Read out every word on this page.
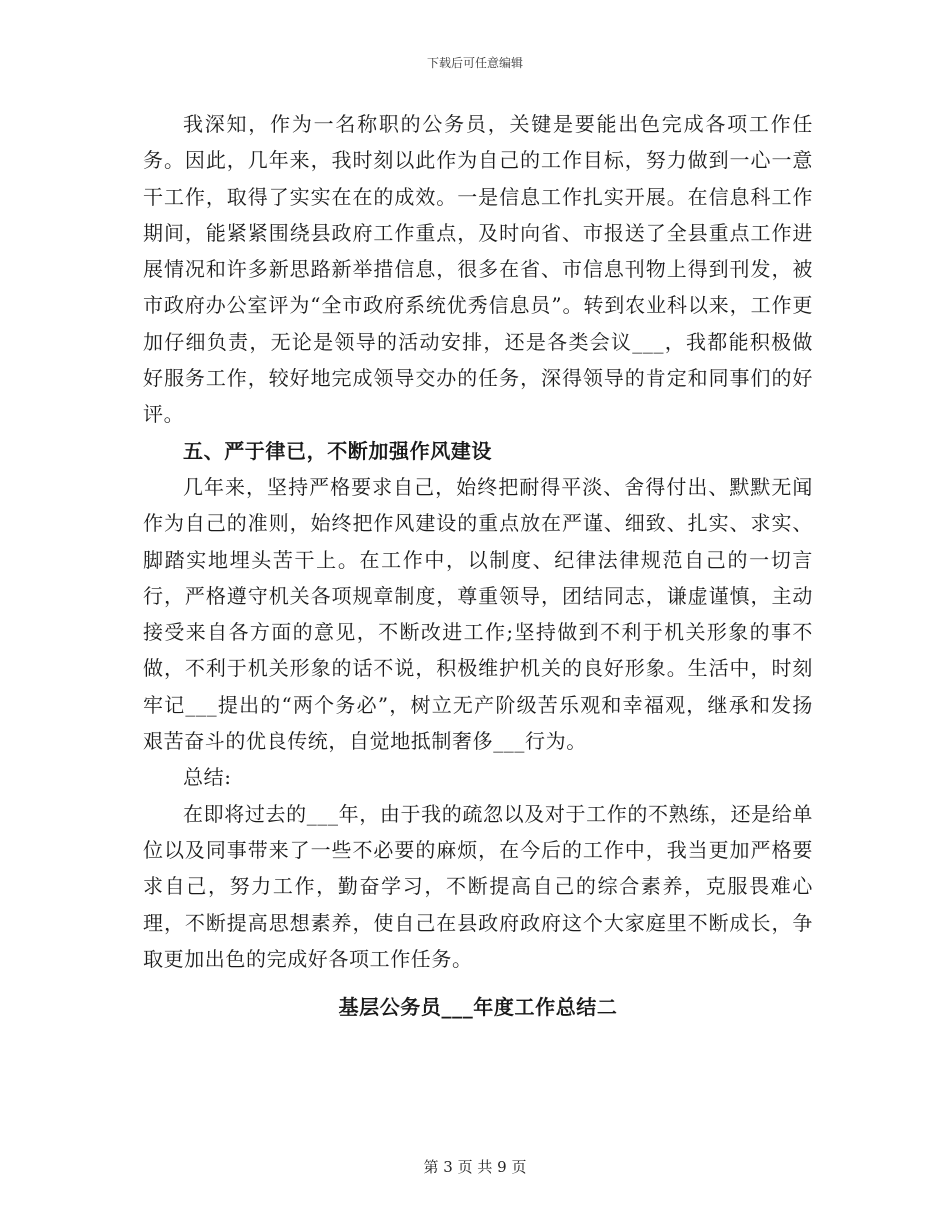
下载后可任意编辑

我深知，作为一名称职的公务员，关键是要能出色完成各项工作任务。因此，几年来，我时刻以此作为自己的工作目标，努力做到一心一意干工作，取得了实实在在的成效。一是信息工作扎实开展。在信息科工作期间，能紧紧围绕县政府工作重点，及时向省、市报送了全县重点工作进展情况和许多新思路新举措信息，很多在省、市信息刊物上得到刊发，被市政府办公室评为“全市政府系统优秀信息员”。转到农业科以来，工作更加仔细负责，无论是领导的活动安排，还是各类会议___，我都能积极做好服务工作，较好地完成领导交办的任务，深得领导的肯定和同事们的好评。

五、严于律已，不断加强作风建设

几年来，坚持严格要求自己，始终把耐得平淡、舍得付出、默默无闻作为自己的准则，始终把作风建设的重点放在严谨、细致、扎实、求实、脚踏实地埋头苦干上。在工作中，以制度、纪律法律规范自己的一切言行，严格遵守机关各项规章制度，尊重领导，团结同志，谦虚谨慎，主动接受来自各方面的意见，不断改进工作;坚持做到不利于机关形象的事不做，不利于机关形象的话不说，积极维护机关的良好形象。生活中，时刻牢记___提出的“两个务必”，树立无产阶级苦乐观和幸福观，继承和发扬艰苦奋斗的优良传统，自觉地抵制奢侈___行为。

总结:

在即将过去的___年，由于我的疏忽以及对于工作的不熟练，还是给单位以及同事带来了一些不必要的麻烦，在今后的工作中，我当更加严格要求自己，努力工作，勤奋学习，不断提高自己的综合素养，克服畏难心理，不断提高思想素养，使自己在县政府政府这个大家庭里不断成长，争取更加出色的完成好各项工作任务。

基层公务员___年度工作总结二

第 3 页 共 9 页
